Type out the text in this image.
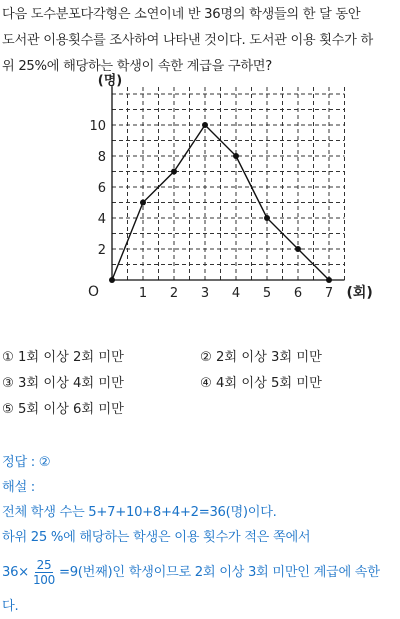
다음 도수분포다각형은 소연이네 반 36명의 학생들의 한 달 동안
도서관 이용횟수를 조사하여 나타낸 것이다. 도서관 이용 횟수가 하
위 25%에 해당하는 학생이 속한 계급을 구하면?
1 2 3 4 5 6 7
2
4
6
8
10
(명)
(회)
O
① 1회 이상 2회 미만	② 2회 이상 3회 미만
③ 3회 이상 4회 미만	④ 4회 이상 5회 미만
⑤ 5회 이상 6회 미만
정답 : ②
해설 :
전체 학생 수는 5+7+10+8+4+2=36(명)이다.
하위 25 %에 해당하는 학생은 이용 횟수가 적은 쪽에서
$36\times \frac{25}{100} =9$(번째)인 학생이므로 2회 이상 3회 미만인 계급에 속한
다.
